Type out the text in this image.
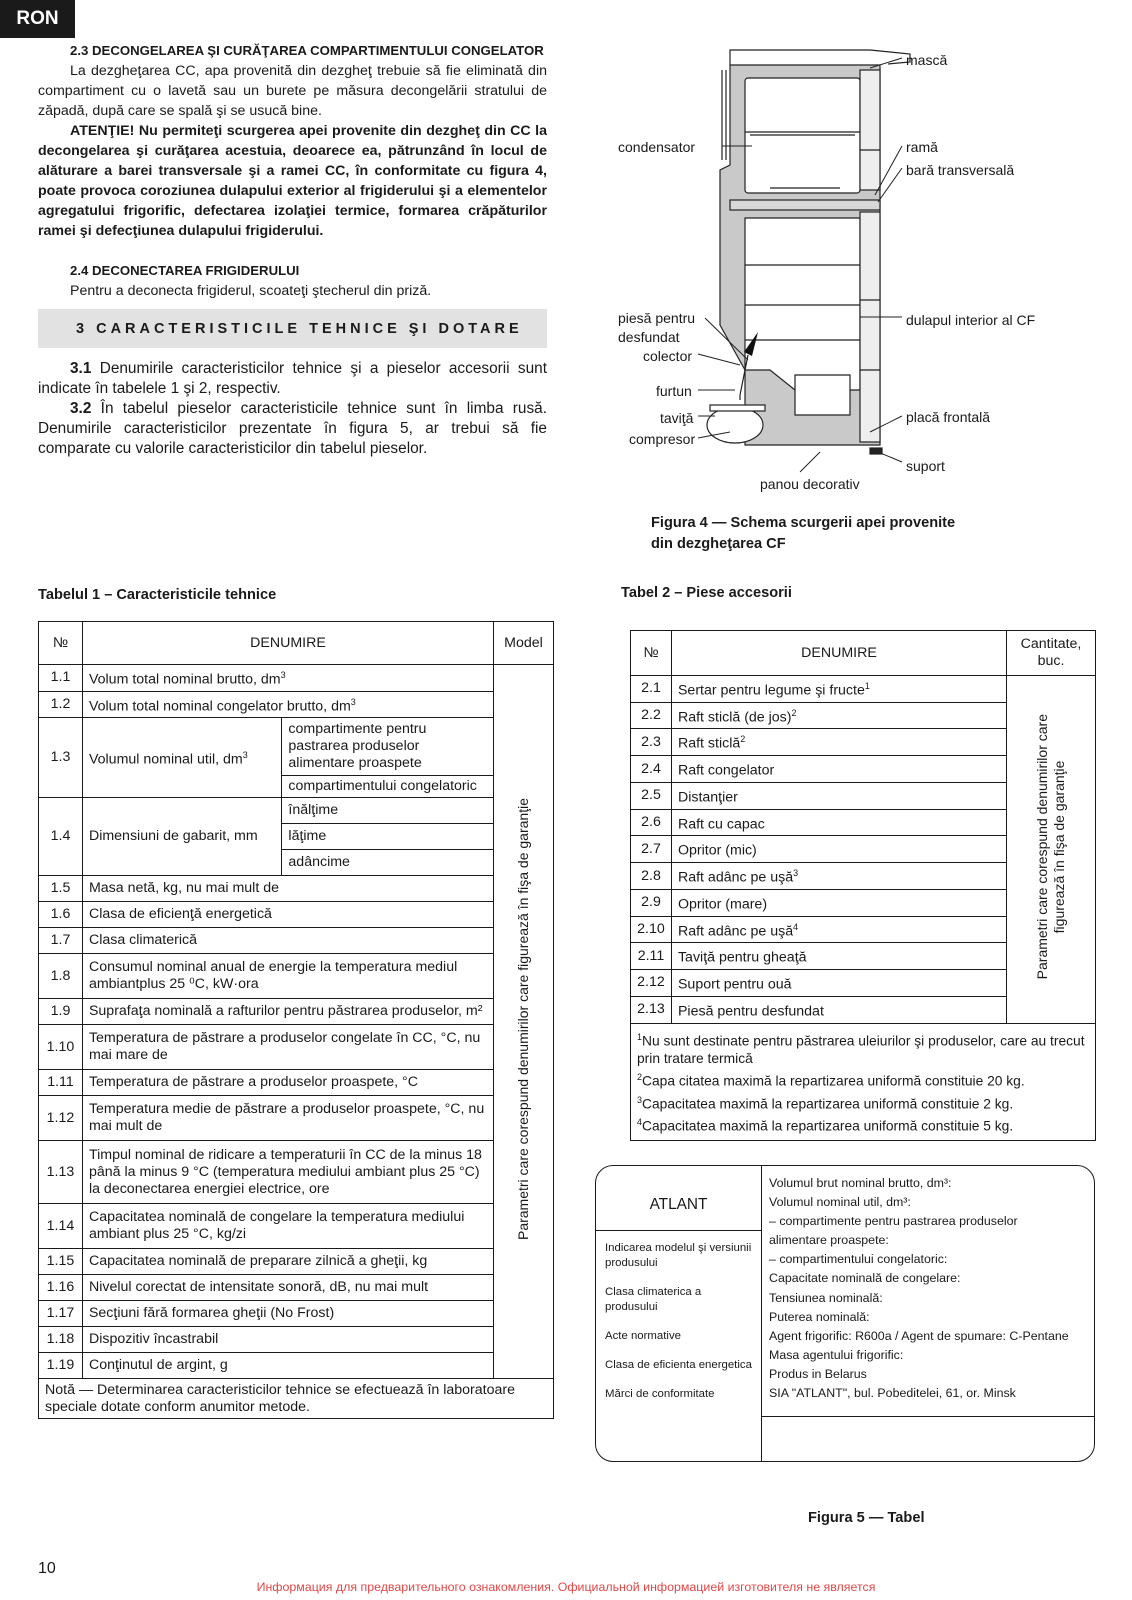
RON
2.3 DECONGELAREA ŞI CURĂŢAREA COMPARTIMENTULUI CONGELATOR

La dezgheţarea CC, apa provenită din dezgheţ trebuie să fie eliminată din compartiment cu o lavetă sau un burete pe măsura decongelării stratului de zăpadă, după care se spală şi se usucă bine.

ATENŢIE! Nu permiteţi scurgerea apei provenite din dezgheţ din CC la decongelarea şi curăţarea acestuia, deoarece ea, pătrunzând în locul de alăturare a barei transversale şi a ramei CC, în conformitate cu figura 4, poate provoca coroziunea dulapului exterior al frigiderului şi a elementelor agregatului frigorific, defectarea izolaţiei termice, formarea crăpăturilor ramei şi defecţiunea dulapului frigiderului.

2.4 DECONECTAREA FRIGIDERULUI

Pentru a deconecta frigiderul, scoateţi ştecherul din priză.

3 CARACTERISTICILE TEHNICE ŞI DOTARE

3.1 Denumirile caracteristicilor tehnice şi a pieselor accesorii sunt indicate în tabelele 1 şi 2, respectiv.

3.2 În tabelul pieselor caracteristicile tehnice sunt în limba rusă. Denumirile caracteristicilor prezentate în figura 5, ar trebui să fie comparate cu valorile caracteristicilor din tabelul pieselor.

mască
condensator	ramă
bară transversală
piesă pentru
desfundat
dulapul interior al CF
colector
furtun
taviţă	placă frontală
compresor
suport
panou decorativ
Figura 4 — Schema scurgerii apei provenite
din dezgheţarea CF
Tabelul 1 – Caracteristicile tehnice
№	DENUMIRE		Model
1.1	Volum total nominal brutto, $dm^3$		Parametri care corespund denumirilor care figurează în fişa de garanţie
1.2	Volum total nominal congelator brutto, $dm^3$
1.3	Volumul nominal util, $dm^3$	compartimente pentru pastrarea produselor alimentare proaspete	
		compartimentului congelatoric	
1.4	Dimensiuni de gabarit, mm	înălţime	
		lăţime	
		adâncime	
1.5	Masa netă, kg, nu mai mult de		
1.6	Clasa de eficienţă energetică		
1.7	Clasa climaterică		
1.8	Consumul nominal anual de energie la temperatura mediul ambiantplus 25 ⁰C, kW·ora		
1.9	Suprafaţa nominală a rafturilor pentru păstrarea produselor, m²		
1.10	Temperatura de păstrare a produselor congelate în CC, °C, nu mai mare de		
1.11	Temperatura de păstrare a produselor proaspete, °C		
1.12	Temperatura medie de păstrare a produselor proaspete, °C, nu mai mult de		
1.13	Timpul nominal de ridicare a temperaturii în CC de la minus 18 până la minus 9 °C (temperatura mediului ambiant plus 25 °C) la deconectarea energiei electrice, ore		
1.14	Capacitatea nominală de congelare la temperatura mediului ambiant plus 25 °C, kg/zi		
1.15	Capacitatea nominală de preparare zilnică a gheţii, kg		
1.16	Nivelul corectat de intensitate sonoră, dB, nu mai mult		
1.17	Secţiuni fără formarea gheţii (No Frost)		
1.18	Dispozitiv încastrabil		
1.19	Conţinutul de argint, g		
Notă — Determinarea caracteristicilor tehnice se efectuează în laboratoare speciale dotate conform anumitor metode.			
Tabel 2 – Piese accesorii
№	DENUMIRE	Cantitate, buc.
2.1	Sertar pentru legume şi fructe$^1$	Parametri care corespund denumirilor care figurează în fişa de garanţie

2.2	Raft sticlă (de jos)$^2$
2.3	Raft sticlă$^2$
2.4	Raft congelator	
2.5	Distanţier	
2.6	Raft cu capac	
2.7	Opritor (mic)	
2.8	Raft adânc pe uşă$^3$
2.9	Opritor (mare)	
2.10	Raft adânc pe uşă$^4$
2.11	Taviţă pentru gheaţă	
2.12	Suport pentru ouă	
2.13	Piesă pentru desfundat	

$^1$Nu sunt destinate pentru păstrarea uleiurilor şi produselor, care au trecut prin tratare termică
$^2$Capa citatea maximă la repartizarea uniformă constituie 20 kg.
$^3$Capacitatea maximă la repartizarea uniformă constituie 2 kg.
$^4$Capacitatea maximă la repartizarea uniformă constituie 5 kg.		
ATLANT
Indicarea modelul şi versiunii produsului
Clasa climaterica a produsului
Acte normative
Clasa de eficienta energetica
Mărci de conformitate
Volumul brut nominal brutto, dm³:
Volumul nominal util, dm³:
– compartimente pentru pastrarea produselor
alimentare proaspete:
– compartimentului congelatoric:
Capacitate nominală de congelare:
Tensiunea nominală:
Puterea nominală:
Agent frigorific: R600a / Agent de spumare: C-Pentane
Masa agentului frigorific:
Produs in Belarus
SIA "ATLANT", bul. Pobeditelei, 61, or. Minsk
Figura 5 — Tabel
10
Информация для предварительного ознакомления. Официальной информацией изготовителя не является
